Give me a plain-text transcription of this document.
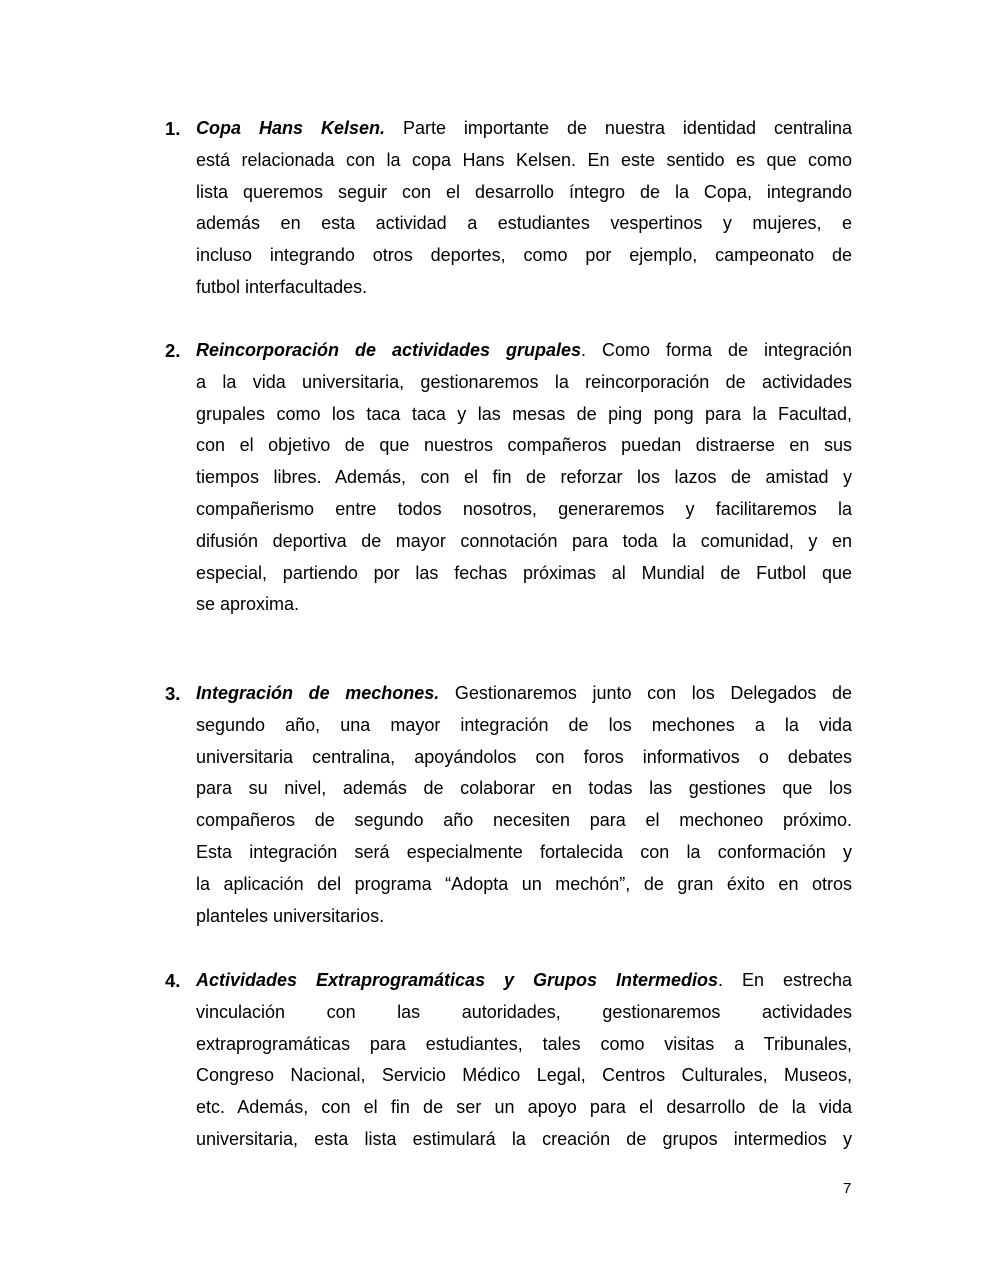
1. Copa Hans Kelsen. Parte importante de nuestra identidad centralina
está relacionada con la copa Hans Kelsen. En este sentido es que como
lista queremos seguir con el desarrollo íntegro de la Copa, integrando
además en esta actividad a estudiantes vespertinos y mujeres, e
incluso integrando otros deportes, como por ejemplo, campeonato de
futbol interfacultades.
2. Reincorporación de actividades grupales. Como forma de integración
a la vida universitaria, gestionaremos la reincorporación de actividades
grupales como los taca taca y las mesas de ping pong para la Facultad,
con el objetivo de que nuestros compañeros puedan distraerse en sus
tiempos libres. Además, con el fin de reforzar los lazos de amistad y
compañerismo entre todos nosotros, generaremos y facilitaremos la
difusión deportiva de mayor connotación para toda la comunidad, y en
especial, partiendo por las fechas próximas al Mundial de Futbol que
se aproxima.
3. Integración de mechones. Gestionaremos junto con los Delegados de
segundo año, una mayor integración de los mechones a la vida
universitaria centralina, apoyándolos con foros informativos o debates
para su nivel, además de colaborar en todas las gestiones que los
compañeros de segundo año necesiten para el mechoneo próximo.
Esta integración será especialmente fortalecida con la conformación y
la aplicación del programa “Adopta un mechón”, de gran éxito en otros
planteles universitarios.
4. Actividades Extraprogramáticas y Grupos Intermedios. En estrecha
vinculación con las autoridades, gestionaremos actividades
extraprogramáticas para estudiantes, tales como visitas a Tribunales,
Congreso Nacional, Servicio Médico Legal, Centros Culturales, Museos,
etc. Además, con el fin de ser un apoyo para el desarrollo de la vida
universitaria, esta lista estimulará la creación de grupos intermedios y
7
